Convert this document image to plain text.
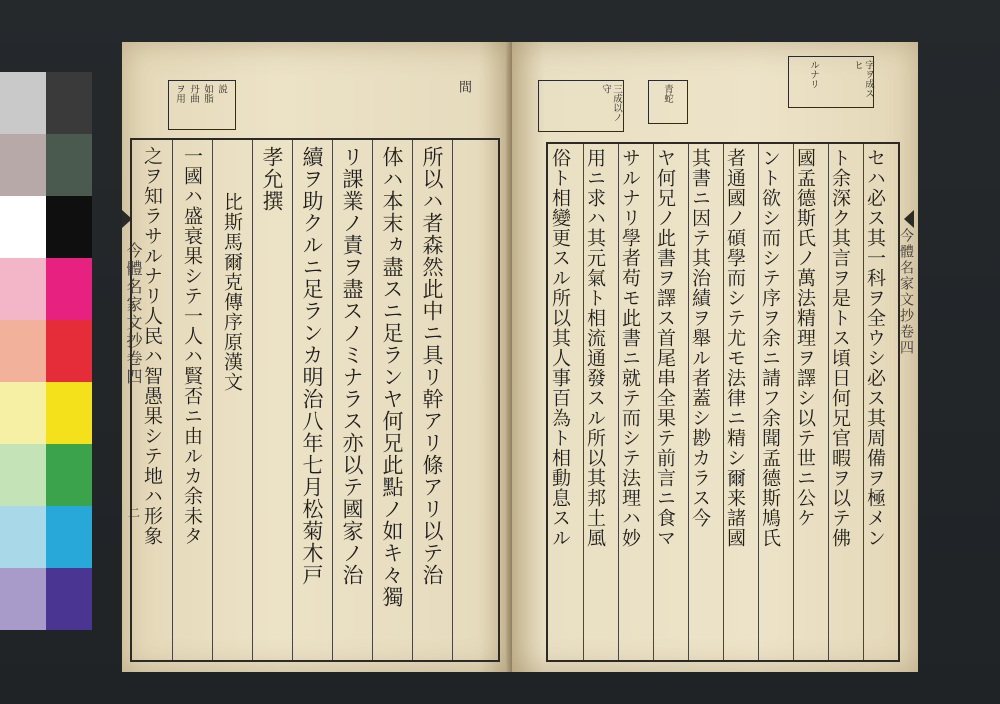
ヲ用 丹曲 如脂 説	間
所以ハ者森然此中ニ具リ幹アリ條アリ以テ治
体ハ本末ヵ盡スニ足ランヤ何兄此點ノ如キ々獨
リ課業ノ責ヲ盡スノミナラス亦以テ國家ノ治
續ヲ助クルニ足ランカ明治八年七月松菊木戸
孝允撰
比斯馬爾克傳序原漢文
一國ハ盛衰果シテ一人ハ賢否ニ由ルカ余未タ
之ヲ知ラサルナリ人民ハ智愚果シテ地ハ形象
今體名家文抄卷四
二
三成以ノ守	青蛇	字ヲ成スヒ
ルナリ
セハ必ス其一科ヲ全ウシ必ス其周備ヲ極メン
ト余深ク其言ヲ是トス頃日何兄官暇ヲ以テ佛
國孟德斯氏ノ萬法精理ヲ譯シ以テ世ニ公ケ
ント欲シ而シテ序ヲ余ニ請フ余聞孟德斯鳩氏
者通國ノ碩學而シテ尤モ法律ニ精シ爾来諸國
其書ニ因テ其治績ヲ舉ル者蓋シ尠カラス今
ヤ何兄ノ此書ヲ譯ス首尾串全果テ前言ニ食マ
サルナリ學者苟モ此書ニ就テ而シテ法理ハ妙
用ニ求ハ其元氣ト相流通發スル所以其邦土風
俗ト相變更スル所以其人事百為ト相動息スル	今體名家文抄卷四
